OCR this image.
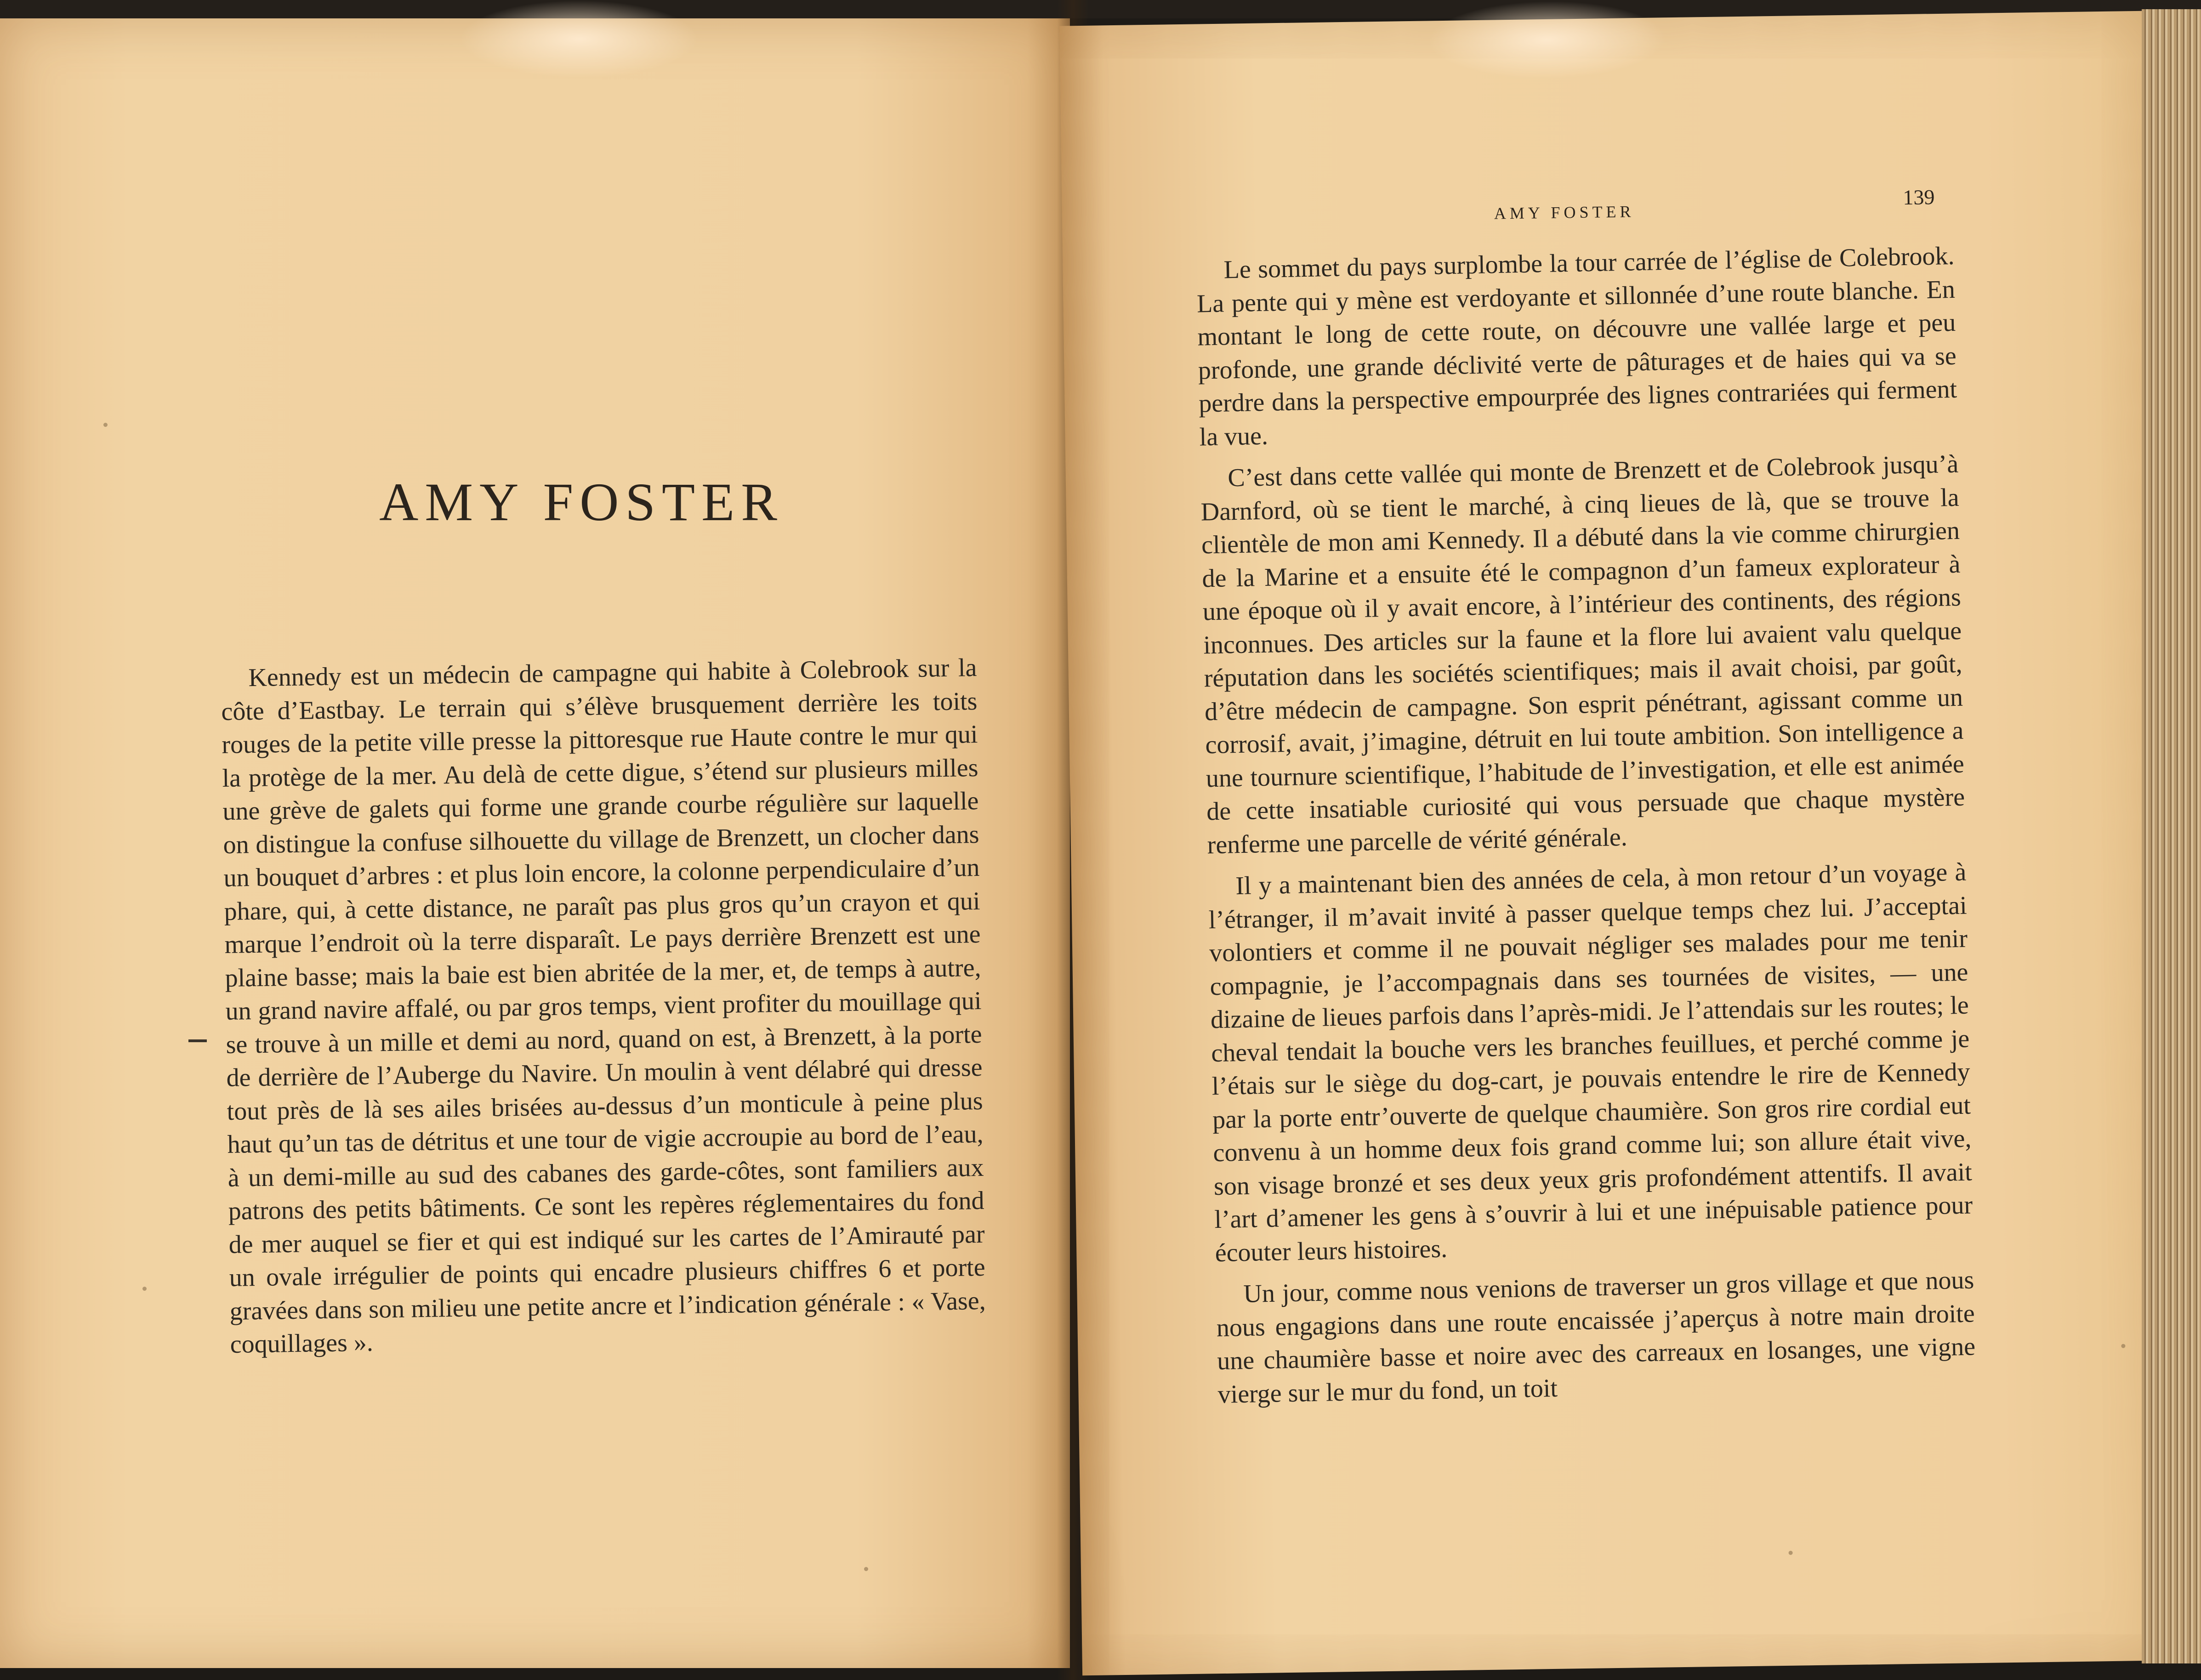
AMY FOSTER

Kennedy est un médecin de campagne qui habite à Colebrook sur la côte d’Eastbay. Le terrain qui s’élève brusquement derrière les toits rouges de la petite ville presse la pittoresque rue Haute contre le mur qui la protège de la mer. Au delà de cette digue, s’étend sur plusieurs milles une grève de galets qui forme une grande courbe régulière sur laquelle on distingue la confuse silhouette du village de Brenzett, un clocher dans un bouquet d’arbres : et plus loin encore, la colonne perpendiculaire d’un phare, qui, à cette distance, ne paraît pas plus gros qu’un crayon et qui marque l’endroit où la terre disparaît. Le pays derrière Brenzett est une plaine basse; mais la baie est bien abritée de la mer, et, de temps à autre, un grand navire affalé, ou par gros temps, vient profiter du mouillage qui se trouve à un mille et demi au nord, quand on est, à Brenzett, à la porte de derrière de l’Auberge du Navire. Un moulin à vent délabré qui dresse tout près de là ses ailes brisées au-dessus d’un monticule à peine plus haut qu’un tas de détritus et une tour de vigie accroupie au bord de l’eau, à un demi-mille au sud des cabanes des garde-côtes, sont familiers aux patrons des petits bâtiments. Ce sont les repères réglementaires du fond de mer auquel se fier et qui est indiqué sur les cartes de l’Amirauté par un ovale irrégulier de points qui encadre plusieurs chiffres 6 et porte gravées dans son milieu une petite ancre et l’indication générale : « Vase, coquillages ».

AMY FOSTER
139

Le sommet du pays surplombe la tour carrée de l’église de Colebrook. La pente qui y mène est verdoyante et sillonnée d’une route blanche. En montant le long de cette route, on découvre une vallée large et peu profonde, une grande déclivité verte de pâturages et de haies qui va se perdre dans la perspective empourprée des lignes contrariées qui ferment la vue.

C’est dans cette vallée qui monte de Brenzett et de Colebrook jusqu’à Darnford, où se tient le marché, à cinq lieues de là, que se trouve la clientèle de mon ami Kennedy. Il a débuté dans la vie comme chirurgien de la Marine et a ensuite été le compagnon d’un fameux explorateur à une époque où il y avait encore, à l’intérieur des continents, des régions inconnues. Des articles sur la faune et la flore lui avaient valu quelque réputation dans les sociétés scientifiques; mais il avait choisi, par goût, d’être médecin de campagne. Son esprit pénétrant, agissant comme un corrosif, avait, j’imagine, détruit en lui toute ambition. Son intelligence a une tournure scientifique, l’habitude de l’investigation, et elle est animée de cette insatiable curiosité qui vous persuade que chaque mystère renferme une parcelle de vérité générale.

Il y a maintenant bien des années de cela, à mon retour d’un voyage à l’étranger, il m’avait invité à passer quelque temps chez lui. J’acceptai volontiers et comme il ne pouvait négliger ses malades pour me tenir compagnie, je l’accompagnais dans ses tournées de visites, — une dizaine de lieues parfois dans l’après-midi. Je l’attendais sur les routes; le cheval tendait la bouche vers les branches feuillues, et perché comme je l’étais sur le siège du dog-cart, je pouvais entendre le rire de Kennedy par la porte entr’ouverte de quelque chaumière. Son gros rire cordial eut convenu à un homme deux fois grand comme lui; son allure était vive, son visage bronzé et ses deux yeux gris profondément attentifs. Il avait l’art d’amener les gens à s’ouvrir à lui et une inépuisable patience pour écouter leurs histoires.

Un jour, comme nous venions de traverser un gros village et que nous nous engagions dans une route encaissée j’aperçus à notre main droite une chaumière basse et noire avec des carreaux en losanges, une vigne vierge sur le mur du fond, un toit
